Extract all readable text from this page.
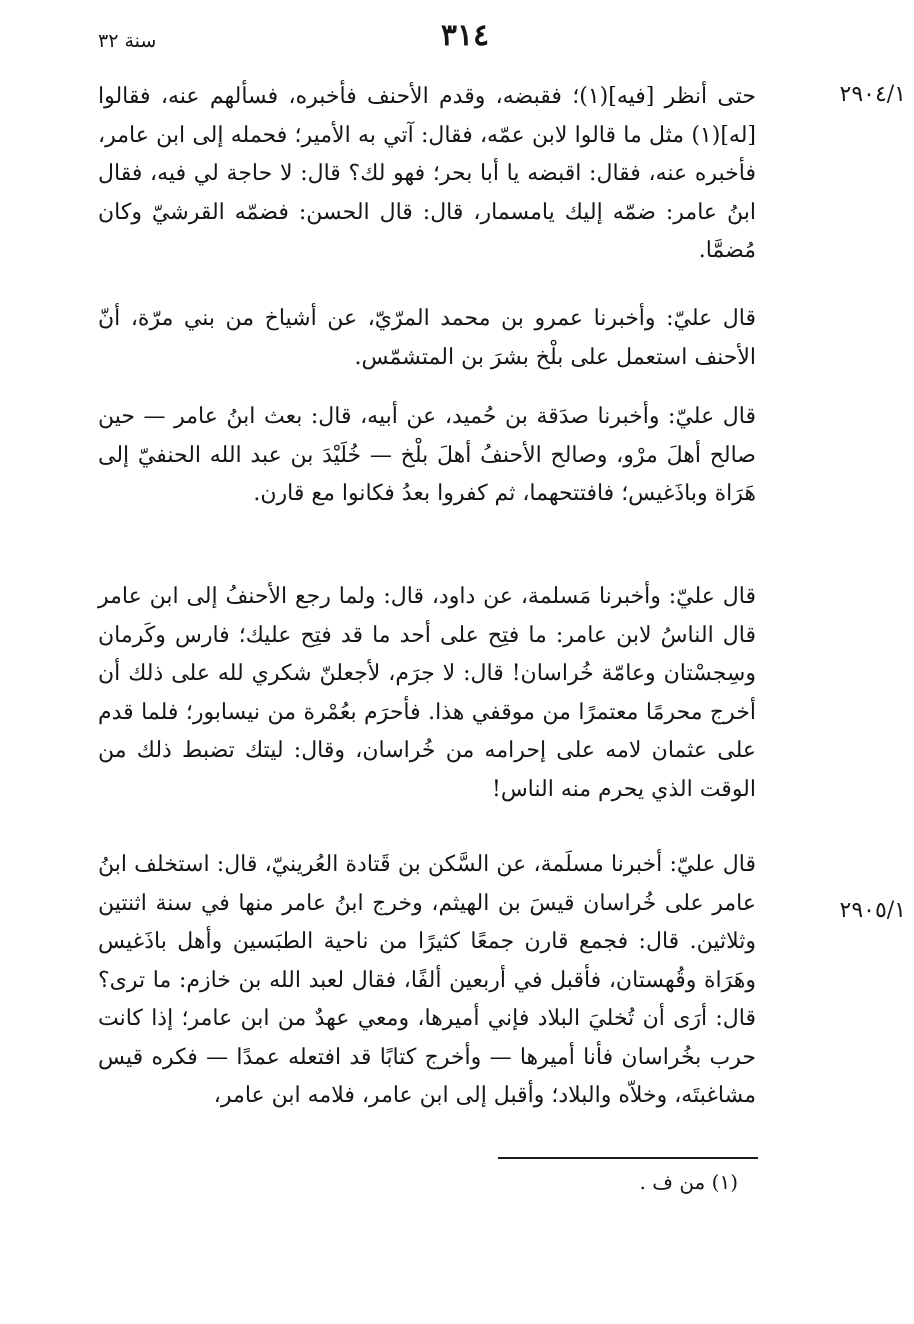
٣١٤
سنة ٣٢
٢٩٠٤/١
٢٩٠٥/١

حتى أنظر [فيه](١)؛ فقبضه، وقدم الأحنف فأخبره، فسألهم عنه، فقالوا [له](١) مثل ما قالوا لابن عمّه، فقال: آتي به الأمير؛ فحمله إلى ابن عامر، فأخبره عنه، فقال: اقبضه يا أبا بحر؛ فهو لك؟ قال: لا حاجة لي فيه، فقال ابنُ عامر: ضمّه إليك يامسمار، قال: قال الحسن: فضمّه القرشيّ وكان مُضمَّا.

قال عليّ: وأخبرنا عمرو بن محمد المرّيّ، عن أشياخ من بني مرّة، أنّ الأحنف استعمل على بلْخ بشرَ بن المتشمّس.

قال عليّ: وأخبرنا صدَقة بن حُميد، عن أبيه، قال: بعث ابنُ عامر — حين صالح أهلَ مرْو، وصالح الأحنفُ أهلَ بلْخ — خُلَيْدَ بن عبد الله الحنفيّ إلى هَرَاة وباذَغيس؛ فافتتحهما، ثم كفروا بعدُ فكانوا مع قارن.

قال عليّ: وأخبرنا مَسلمة، عن داود، قال: ولما رجع الأحنفُ إلى ابن عامر قال الناسُ لابن عامر: ما فتِح على أحد ما قد فتِح عليك؛ فارس وكَرمان وسِجسْتان وعامّة خُراسان! قال: لا جرَم، لأجعلنّ شكري لله على ذلك أن أخرج محرمًا معتمرًا من موقفي هذا. فأحرَم بعُمْرة من نيسابور؛ فلما قدم على عثمان لامه على إحرامه من خُراسان، وقال: ليتك تضبط ذلك من الوقت الذي يحرم منه الناس!

قال عليّ: أخبرنا مسلَمة، عن السَّكن بن قَتادة العُرينيّ، قال: استخلف ابنُ عامر على خُراسان قيسَ بن الهيثم، وخرج ابنُ عامر منها في سنة اثنتين وثلاثين. قال: فجمع قارن جمعًا كثيرًا من ناحية الطبَسين وأهل باذَغيس وهَرَاة وقُهستان، فأقبل في أربعين ألفًا، فقال لعبد الله بن خازم: ما ترى؟ قال: أرَى أن تُخليَ البلاد فإني أميرها، ومعي عهدٌ من ابن عامر؛ إذا كانت حرب بخُراسان فأنا أميرها — وأخرج كتابًا قد افتعله عمدًا — فكره قيس مشاغبتَه، وخلاّه والبلاد؛ وأقبل إلى ابن عامر، فلامه ابن عامر،

(١) من ف .
